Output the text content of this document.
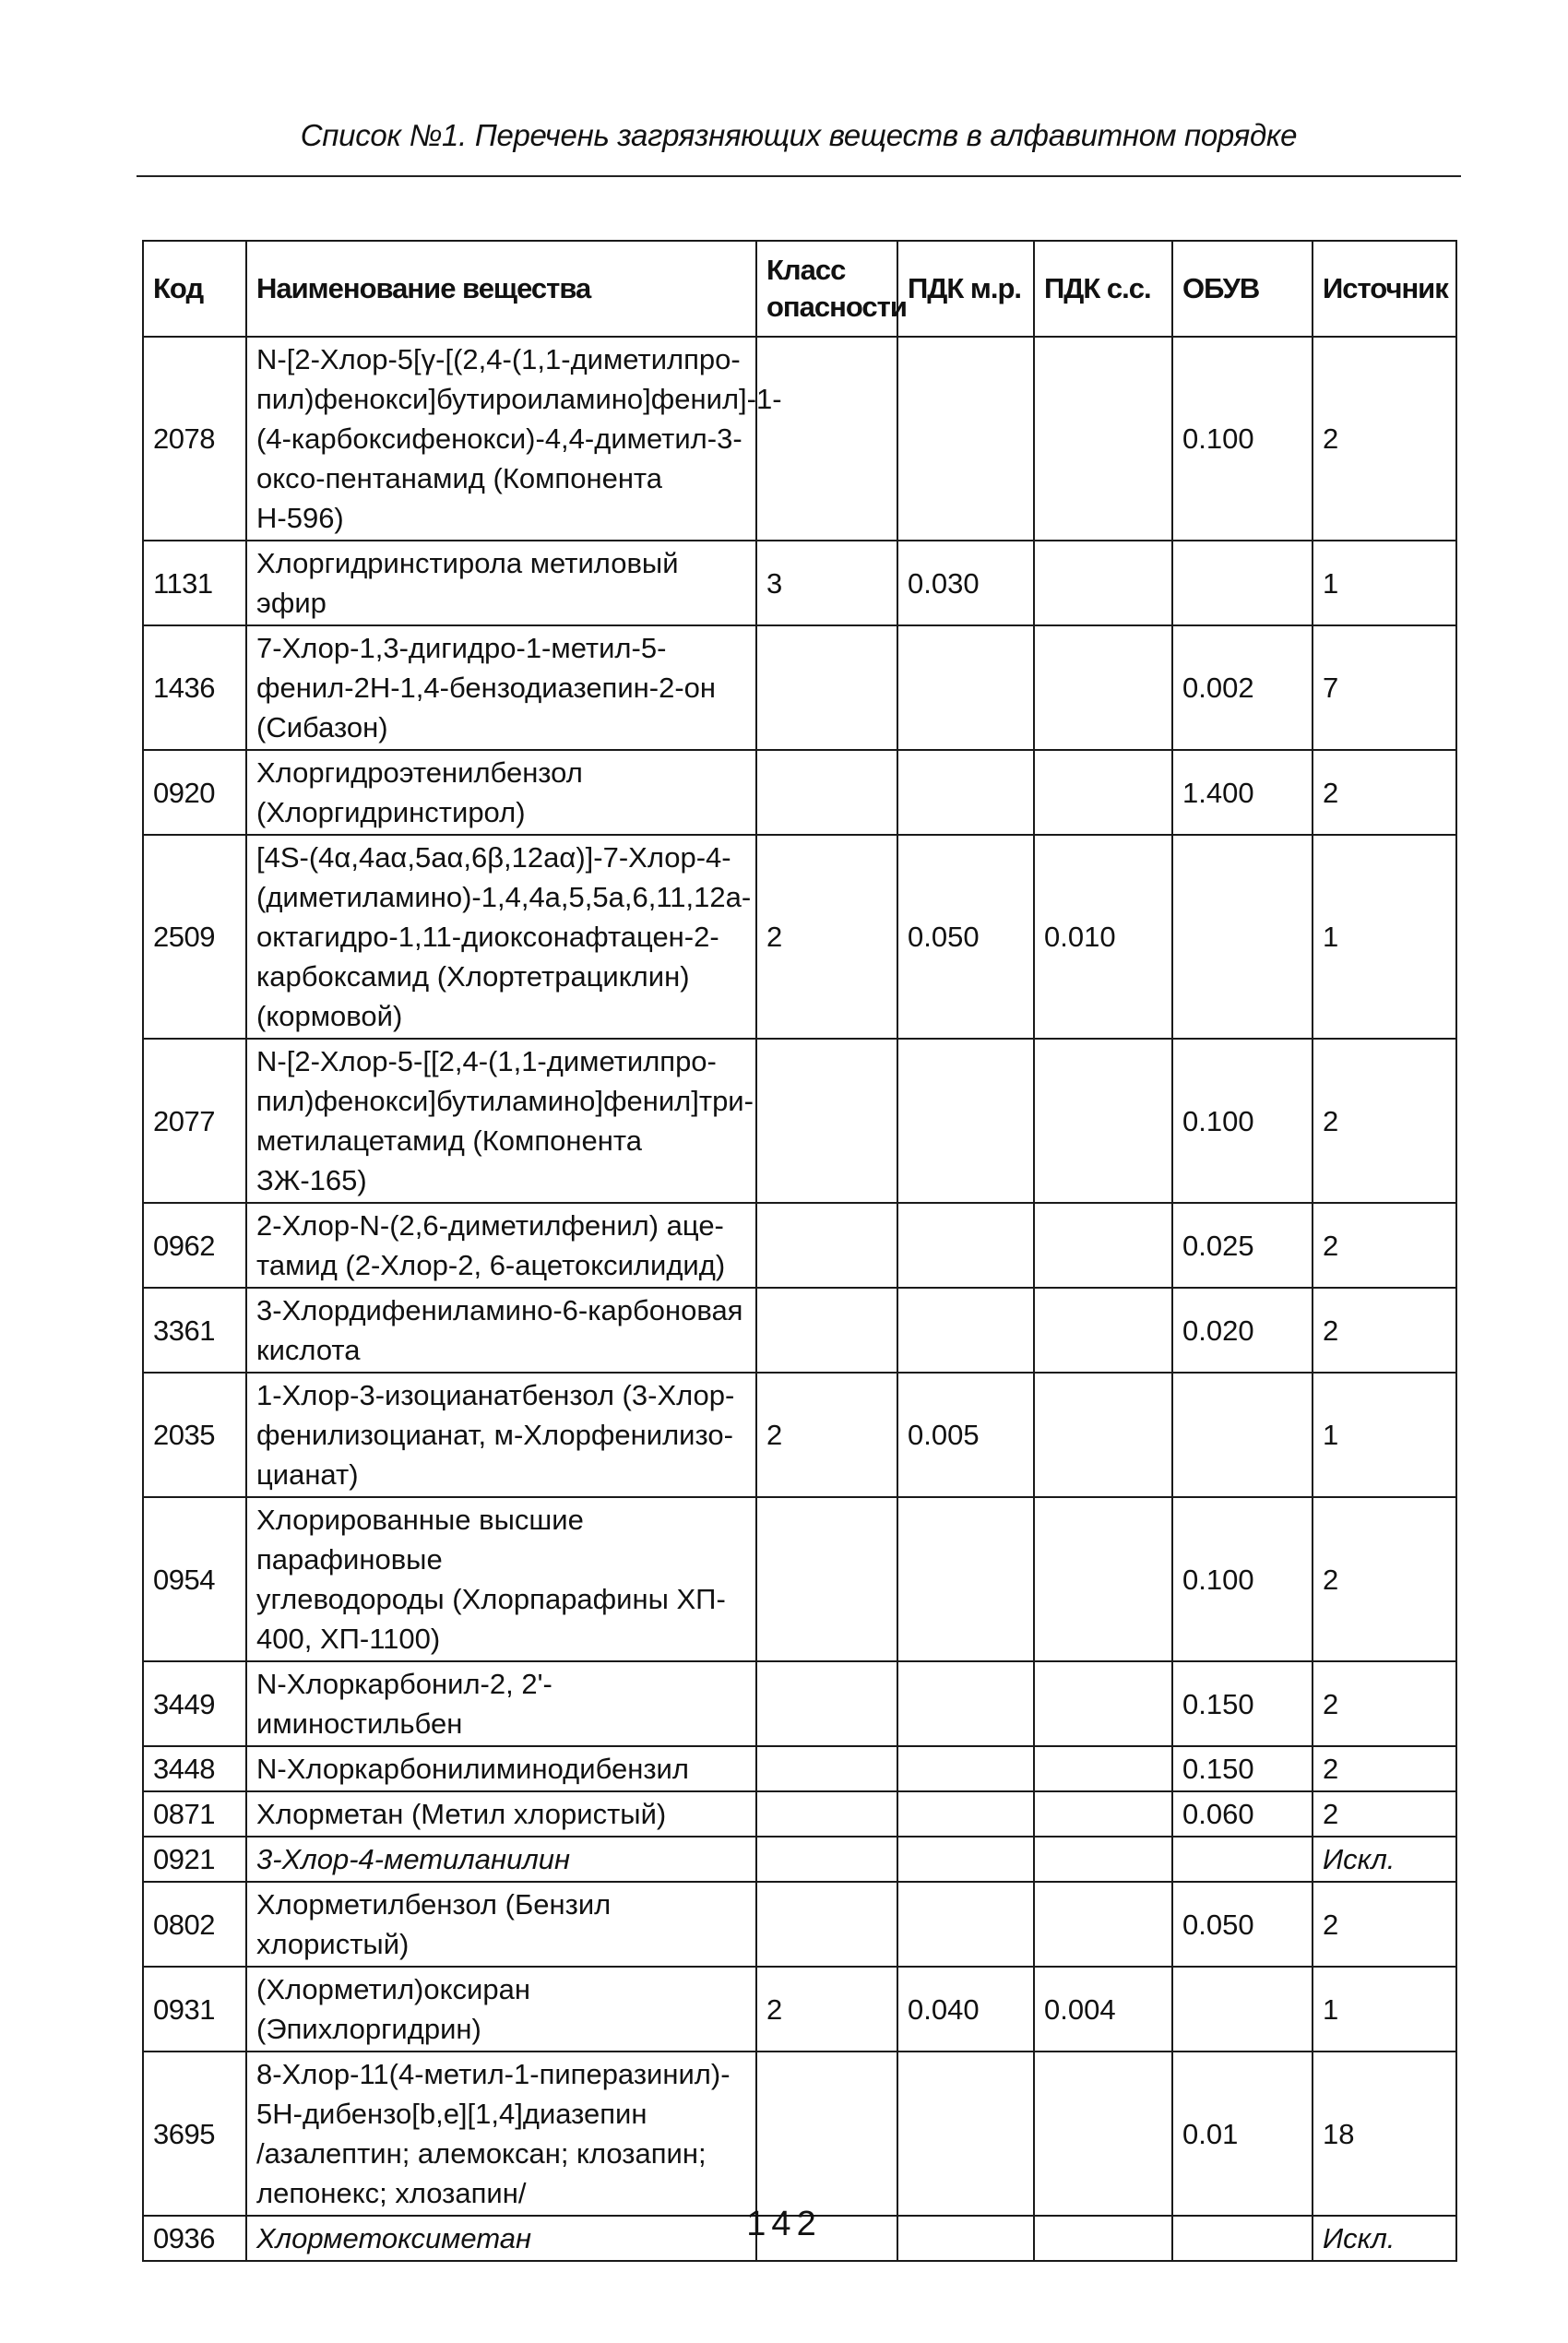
Список №1. Перечень загрязняющих веществ в алфавитном порядке
Код	Наименование вещества	Класс опасности	ПДК м.р.	ПДК с.с.	ОБУВ	Источник
2078	N-[2-Хлор-5[γ-[(2,4-(1,1-диметилпро-
пил)фенокси]бутироиламино]фенил]-1-
(4-карбоксифенокси)-4,4-диметил-3-
оксо-пентанамид (Компонента Н-596)				0.100	2
1131	Хлоргидринстирола метиловый эфир	3	0.030			1
1436	7-Хлор-1,3-дигидро-1-метил-5-
фенил-2Н-1,4-бензодиазепин-2-он
(Сибазон)				0.002	7
0920	Хлоргидроэтенилбензол
(Хлоргидринстирол)				1.400	2
2509	[4S-(4α,4aα,5aα,6β,12aα)]-7-Хлор-4-
(диметиламино)-1,4,4a,5,5a,6,11,12a-
октагидро-1,11-диоксонафтацен-2-
карбоксамид (Хлортетрациклин)
(кормовой)	2	0.050	0.010		1
2077	N-[2-Хлор-5-[[2,4-(1,1-диметилпро-
пил)фенокси]бутиламино]фенил]три-
метилацетамид (Компонента ЗЖ-165)				0.100	2
0962	2-Хлор-N-(2,6-диметилфенил) аце-
тамид (2-Хлор-2, 6-ацетоксилидид)				0.025	2
3361	3-Хлордифениламино-6-карбоновая
кислота				0.020	2
2035	1-Хлор-3-изоцианатбензол (3-Хлор-
фенилизоцианат, м-Хлорфенилизо-
цианат)	2	0.005			1
0954	Хлорированные высшие парафиновые
углеводороды (Хлорпарафины ХП-
400, ХП-1100)				0.100	2
3449	N-Хлоркарбонил-2, 2'-иминостильбен				0.150	2
3448	N-Хлоркарбонилиминодибензил				0.150	2
0871	Хлорметан (Метил хлористый)				0.060	2
0921	3-Хлор-4-метиланилин					Искл.
0802	Хлорметилбензол (Бензил хлористый)				0.050	2
0931	(Хлорметил)оксиран (Эпихлоргидрин)	2	0.040	0.004		1
3695	8-Хлор-11(4-метил-1-пиперазинил)-
5Н-дибензо[b,e][1,4]диазепин
/азалептин; алемоксан; клозапин;
лепонекс; хлозапин/				0.01	18
0936	Хлорметоксиметан					Искл.
142
